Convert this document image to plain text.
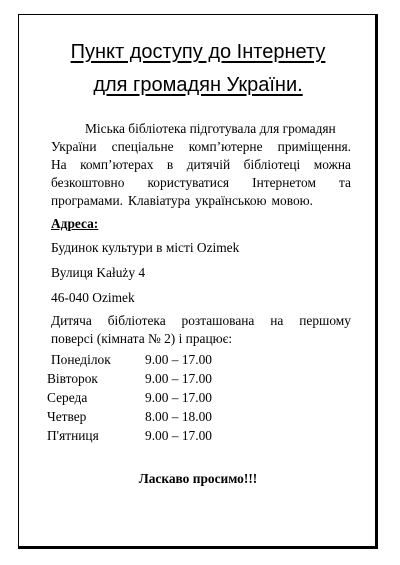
Пункт доступу до Інтернету
для громадян України.
Міська
бібліотека
підготувала
для
громадян
України спеціальне комп’ютерне приміщення.
На комп’ютерах в дитячій бібліотеці можна
безкоштовно користуватися Інтернетом та
програмами. Клавіатура українською мовою.
Адреса:
Будинок культури в місті Ozimek
Вулиця Kałuży 4
46-040 Ozimek
Дитяча бібліотека розташована на першому
поверсі (кімната № 2) і працює:
Понеділок	9.00 – 17.00
Вівторок	9.00 – 17.00
Середа	9.00 – 17.00
Четвер	8.00 – 18.00
П'ятниця	9.00 – 17.00
Ласкаво просимо!!!
